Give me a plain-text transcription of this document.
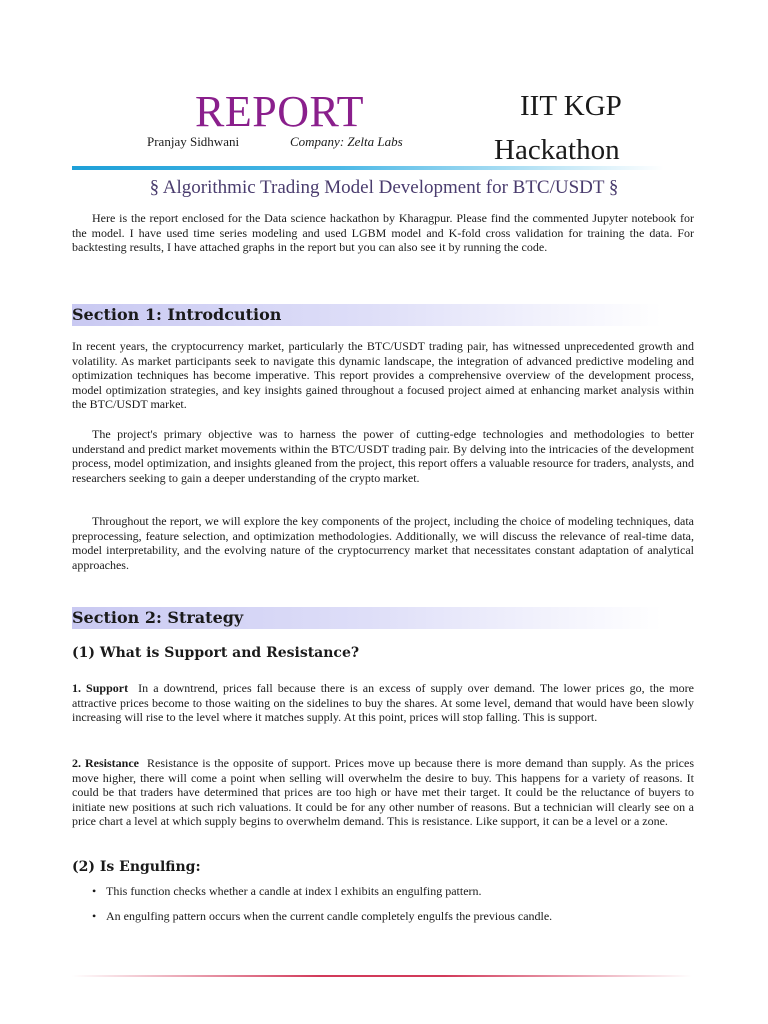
REPORT
Pranjay Sidhwani	Company: Zelta Labs
IIT KGP
Hackathon
§ Algorithmic Trading Model Development for BTC/USDT §
Here is the report enclosed for the Data science hackathon by Kharagpur. Please find the commented Jupyter notebook for the model. I have used time series modeling and used LGBM model and K-fold cross validation for training the data. For backtesting results, I have attached graphs in the report but you can also see it by running the code.
Section 1: Introdcution
In recent years, the cryptocurrency market, particularly the BTC/USDT trading pair, has witnessed unprecedented growth and volatility. As market participants seek to navigate this dynamic landscape, the integration of advanced predictive modeling and optimization techniques has become imperative. This report provides a comprehensive overview of the development process, model optimization strategies, and key insights gained throughout a focused project aimed at enhancing market analysis within the BTC/USDT market.
The project's primary objective was to harness the power of cutting-edge technologies and methodologies to better understand and predict market movements within the BTC/USDT trading pair. By delving into the intricacies of the development process, model optimization, and insights gleaned from the project, this report offers a valuable resource for traders, analysts, and researchers seeking to gain a deeper understanding of the crypto market.
Throughout the report, we will explore the key components of the project, including the choice of modeling techniques, data preprocessing, feature selection, and optimization methodologies. Additionally, we will discuss the relevance of real-time data, model interpretability, and the evolving nature of the cryptocurrency market that necessitates constant adaptation of analytical approaches.
Section 2: Strategy
(1) What is Support and Resistance?
1. Support In a downtrend, prices fall because there is an excess of supply over demand. The lower prices go, the more attractive prices become to those waiting on the sidelines to buy the shares. At some level, demand that would have been slowly increasing will rise to the level where it matches supply. At this point, prices will stop falling. This is support.
2. Resistance Resistance is the opposite of support. Prices move up because there is more demand than supply. As the prices move higher, there will come a point when selling will overwhelm the desire to buy. This happens for a variety of reasons. It could be that traders have determined that prices are too high or have met their target. It could be the reluctance of buyers to initiate new positions at such rich valuations. It could be for any other number of reasons. But a technician will clearly see on a price chart a level at which supply begins to overwhelm demand. This is resistance. Like support, it can be a level or a zone.
(2) Is Engulfing:
• This function checks whether a candle at index l exhibits an engulfing pattern.
• An engulfing pattern occurs when the current candle completely engulfs the previous candle.
